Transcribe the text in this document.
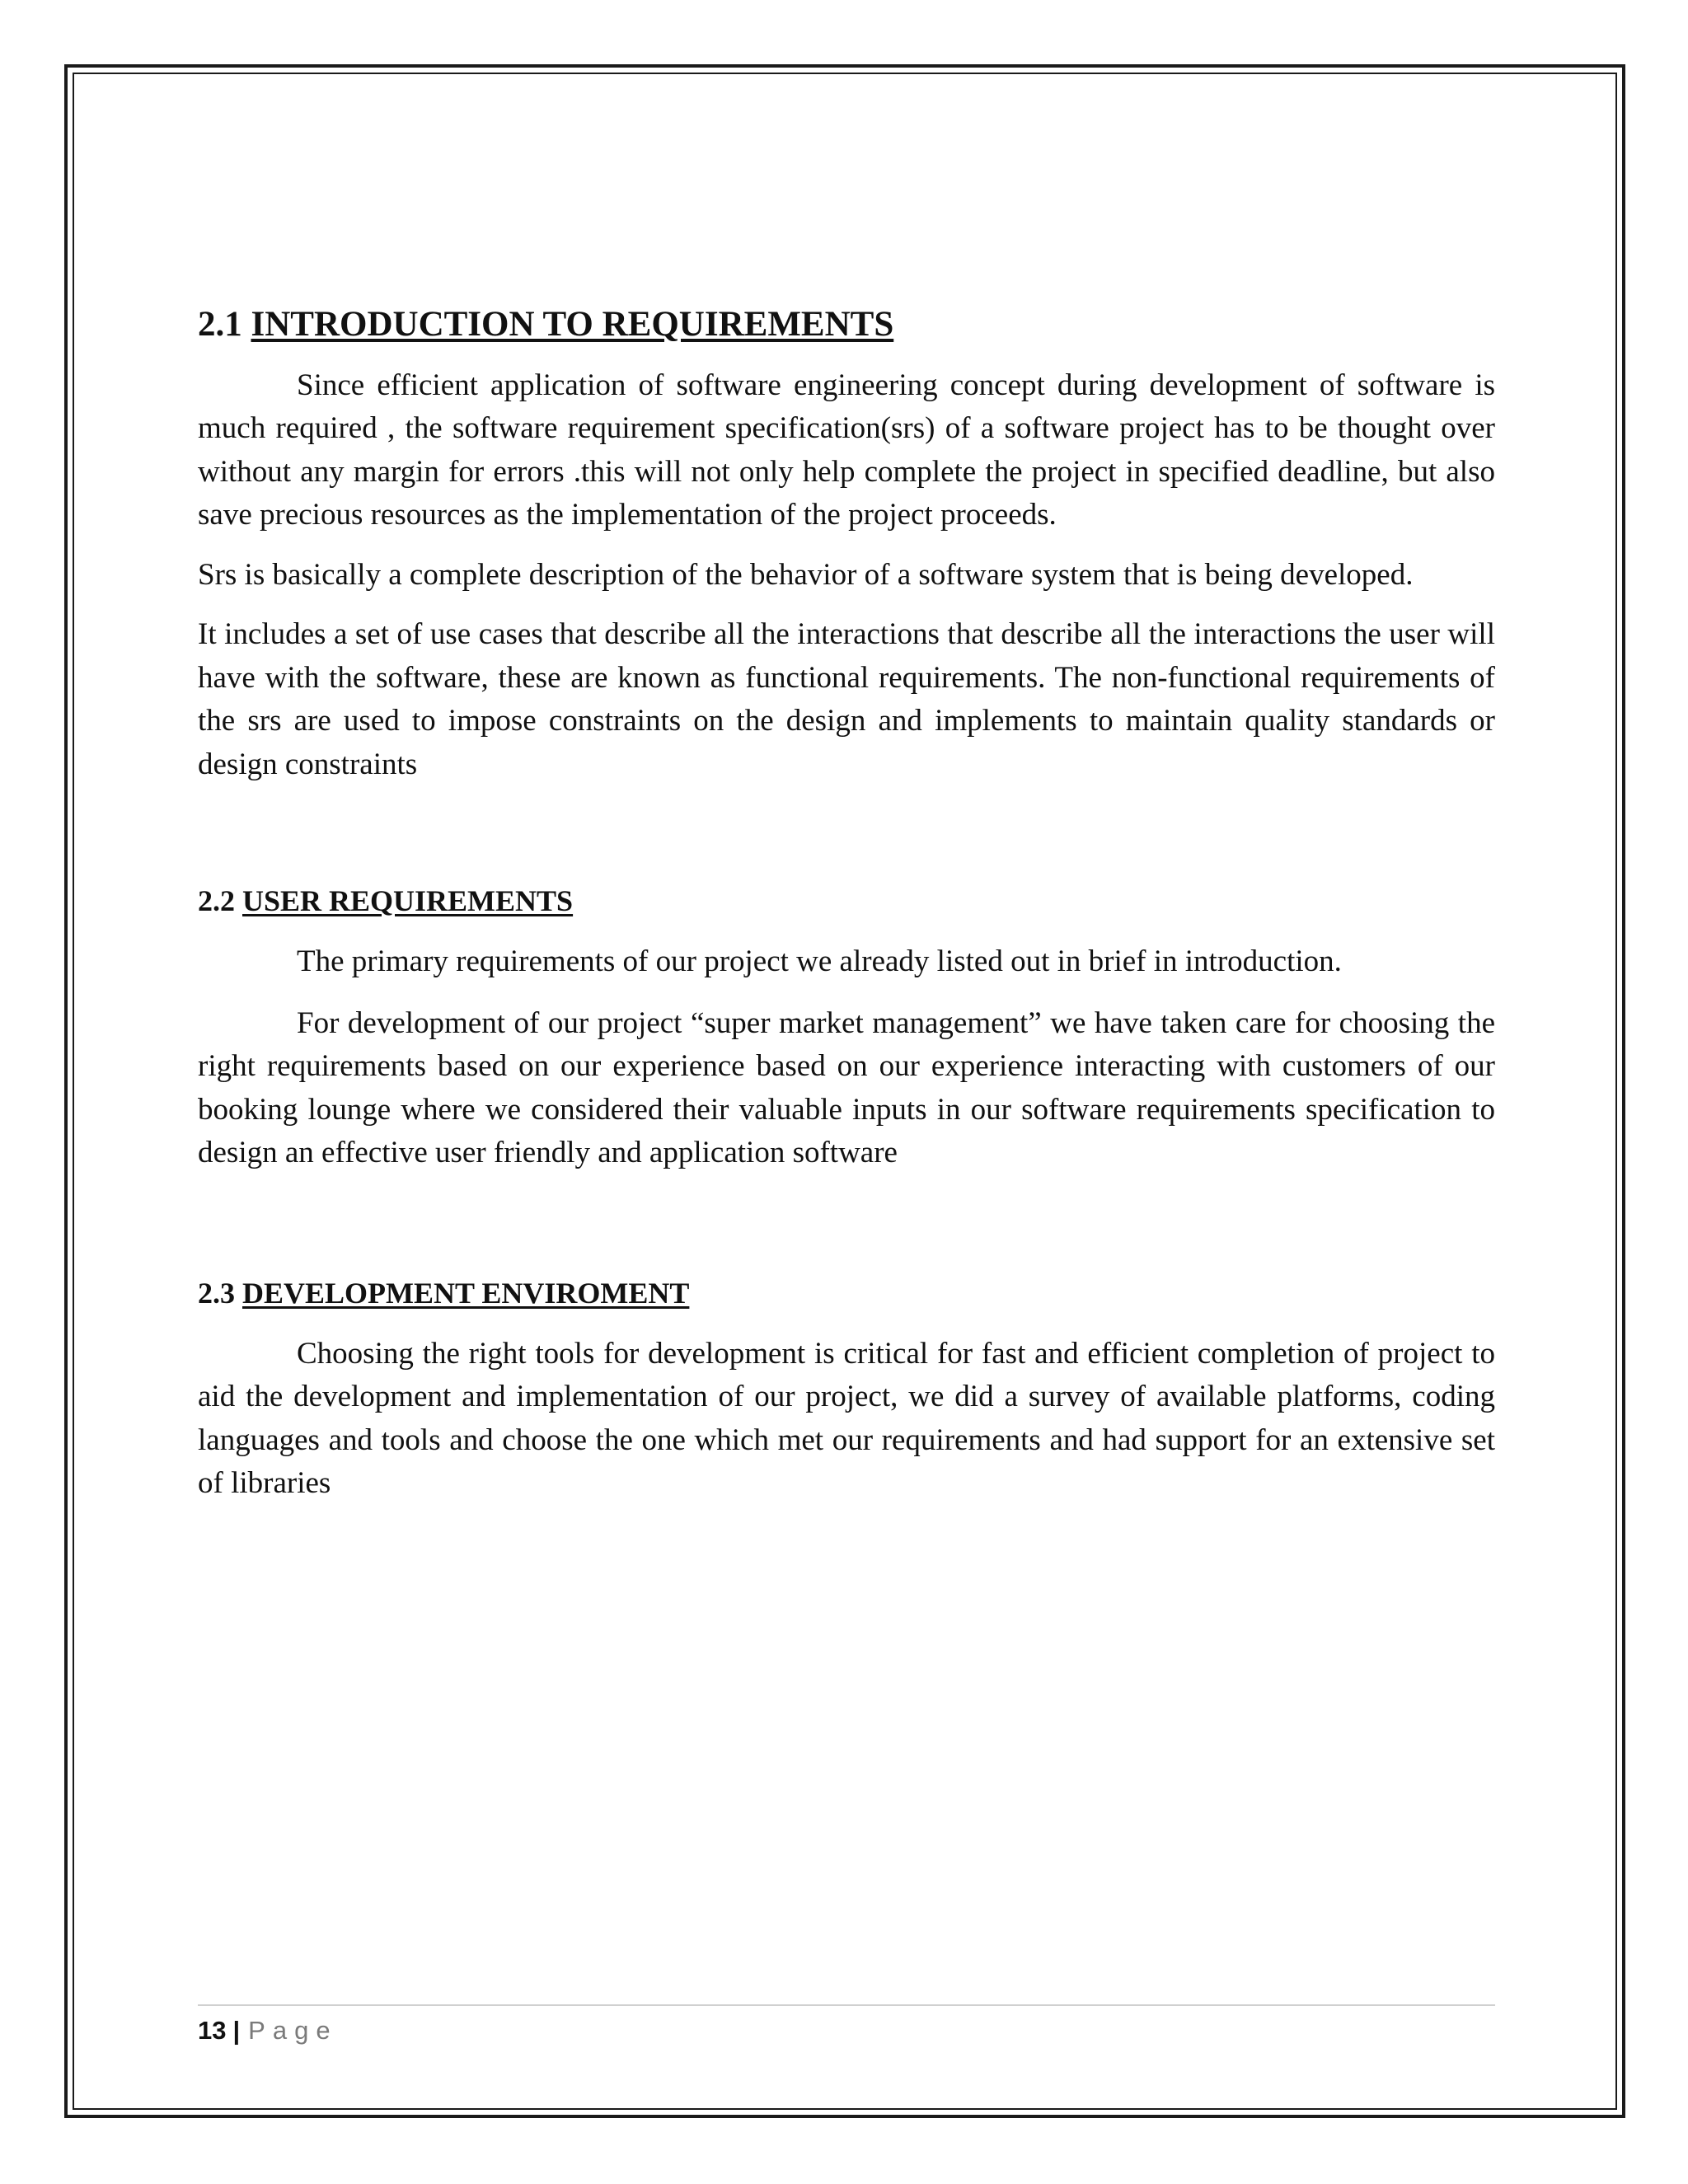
2.1 INTRODUCTION TO REQUIREMENTS

Since efficient application of software engineering concept during development of software is much required , the software requirement specification(srs) of a software project has to be thought over without any margin for errors .this will not only help complete the project in specified deadline, but also save precious resources as the implementation of the project proceeds.

Srs is basically a complete description of the behavior of a software system that is being developed.

It includes a set of use cases that describe all the interactions that describe all the interactions the user will have with the software, these are known as functional requirements. The non-functional requirements of the srs are used to impose constraints on the design and implements to maintain quality standards or design constraints

2.2 USER REQUIREMENTS

The primary requirements of our project we already listed out in brief in introduction.

For development of our project “super market management” we have taken care for choosing the right requirements based on our experience based on our experience interacting with customers of our booking lounge where we considered their valuable inputs in our software requirements specification to design an effective user friendly and application software

2.3 DEVELOPMENT ENVIROMENT

Choosing the right tools for development is critical for fast and efficient completion of project to aid the development and implementation of our project, we did a survey of available platforms, coding languages and tools and choose the one which met our requirements and had support for an extensive set of libraries

13 | Page
